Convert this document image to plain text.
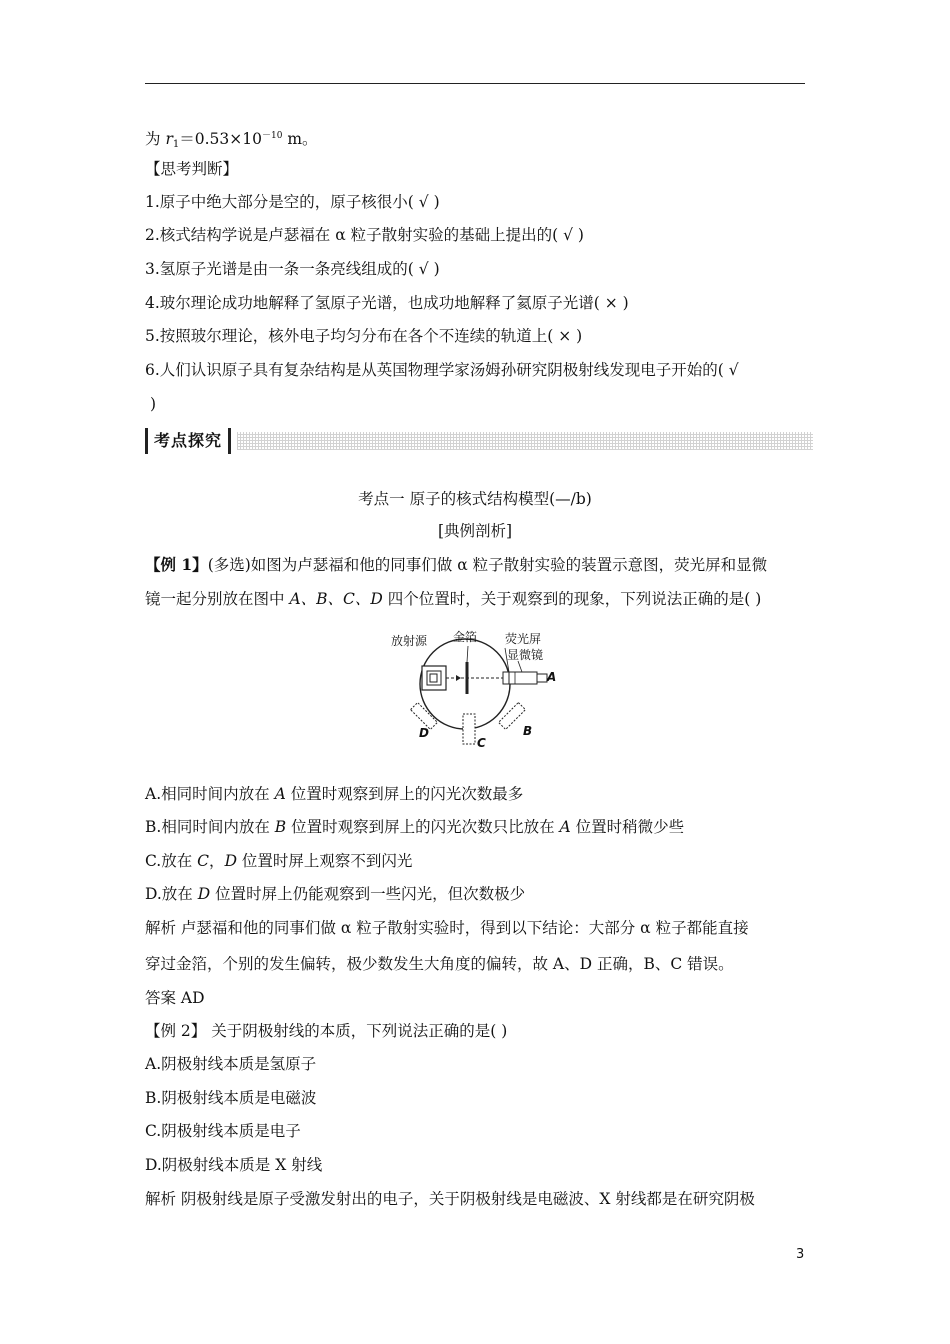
为 $r_1=0.53\times 10^{-10}$ m。
【思考判断】
1.原子中绝大部分是空的，原子核很小( √ )
2.核式结构学说是卢瑟福在 α 粒子散射实验的基础上提出的( √ )
3.氢原子光谱是由一条一条亮线组成的( √ )
4.玻尔理论成功地解释了氢原子光谱，也成功地解释了氦原子光谱( × )
5.按照玻尔理论，核外电子均匀分布在各个不连续的轨道上( × )
6.人们认识原子具有复杂结构是从英国物理学家汤姆孙研究阴极射线发现电子开始的( √
)
考点探究
考点一 原子的核式结构模型(—/b)
[典例剖析]
【例 1】(多选)如图为卢瑟福和他的同事们做 α 粒子散射实验的装置示意图，荧光屏和显微
镜一起分别放在图中 A、B、C、D 四个位置时，关于观察到的现象，下列说法正确的是( )
放射源 金箔 荧光屏
显微镜
A
B
C
D
A.相同时间内放在 A 位置时观察到屏上的闪光次数最多
B.相同时间内放在 B 位置时观察到屏上的闪光次数只比放在 A 位置时稍微少些
C.放在 C，D 位置时屏上观察不到闪光
D.放在 D 位置时屏上仍能观察到一些闪光，但次数极少
解析 卢瑟福和他的同事们做 α 粒子散射实验时，得到以下结论：大部分 α 粒子都能直接
穿过金箔，个别的发生偏转，极少数发生大角度的偏转，故 A、D 正确，B、C 错误。
答案 AD
【例 2】 关于阴极射线的本质，下列说法正确的是( )
A.阴极射线本质是氢原子
B.阴极射线本质是电磁波
C.阴极射线本质是电子
D.阴极射线本质是 X 射线
解析 阴极射线是原子受激发射出的电子，关于阴极射线是电磁波、X 射线都是在研究阴极
3
